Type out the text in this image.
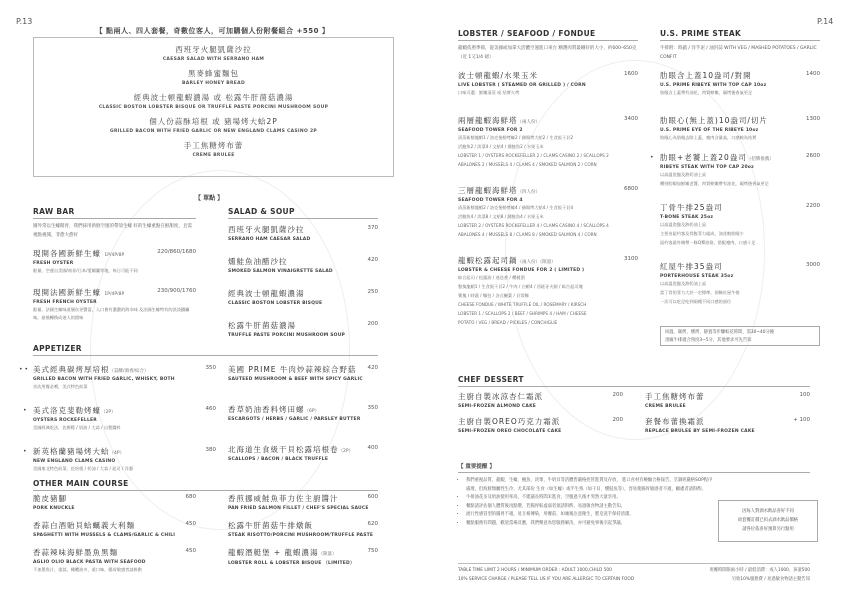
P.13
【 點兩人、四人套餐，奇數位客人，可加購個人份附餐組合 +550 】
西班牙火腿凱薩沙拉
CAESAR SALAD WITH SERRANO HAM
黑麥蜂蜜麵包
BARLEY HONEY BREAD
經典波士頓龍蝦濃湯 或 松露牛肝菌菇濃湯
CLASSIC BOSTON LOBSTER BISQUE OR TRUFFLE PASTE PORCINI MUSHROOM SOUP
個人份蒜酥培根 或 豬場烤大蛤2P
GRILLED BACON WITH FRIED GARLIC OR NEW ENGLAND CLAMS CASINO 2P
手工焦糖烤布蕾
CREME BRULEE
【 單點 】
RAW BAR
國外常以生蠔開胃，我們採用新鮮空運的帶殼生蠔 好的生蠔重點在鮮甜度，且需視點視開，非愈大愈好
現開各國新鮮生蠔 1P/4P/8P
220/860/1680
FRESH OYSTER
限量，空運自美國/南非/日本/愛爾蘭等地，每日可能不同
現開法國新鮮生蠔 1P/4P/8P
230/900/1760
FRESH FRENCH OYSTER
限量，法國生蠔味道層次更豐富，入口會有濃濃的海水味 及法國生蠔特有的淡淡鐵鏽味，最後轉換成迷人的甜味
SALAD & SOUP
西班牙火腿凱薩沙拉	370
SERRANO HAM CAESAR SALAD
燻鮭魚油醋沙拉	420
SMOKED SALMON VINAIGRETTE SALAD
經典波士頓龍蝦濃湯	250
CLASSIC BOSTON LOBSTER BISQUE
松露牛肝菌菇濃湯	200
TRUFFLE PASTE PORCINI MUSHROOM SOUP
APPETIZER
• • 美式經典碳烤厚培根（蒜酥/酒香/綜合）
350
GRILLED BACON WITH FRIED GARLIC, WHISKY, BOTH
首次用餐必嚐，美式特色前菜
• 美式洛克斐勒烤蠔（2P）
460
OYSTERS ROCKEFELLER
美國經典吃法，佐檸檬 / 奶油 / 大蒜 / 自製醬料
• 新英格蘭豬場烤大蛤（4P）
380
NEW ENGLAND CLAMS CASINO
美國東北特色前菜，佐培根 / 奶油 / 大蒜 / 起司 / 洋蔥
美國 PRIME 牛肉炒蒜辣綜合野菇	420
SAUTEED MUSHROOM & BEEF WITH SPICY GARLIC
香草奶油香料烤田螺（6P）
350
ESCARGOTS / HERBS / GARLIC / PARSLEY BUTTER
北海道生食級干貝松露培根卷（2P）
400
SCALLOPS / BACON / BLACK TRUFFLE
OTHER MAIN COURSE
脆皮豬腳	680
PORK KNUCKLE
香蒜白酒貽貝蛤蠣義大利麵	450
SPAGHETTI WITH MUSSELS & CLAMS/GARLIC & CHILI
香蒜辣味海鮮墨魚黑麵	450
AGLIO OLIO BLACK PASTA WITH SEAFOOD
不加墨魚汁，重蒜，橄欖油多，重口味，腸胃敏感者請斟酌
香煎挪威鮭魚菲力佐主廚醬汁	600
PAN FRIED SALMON FILLET / CHEF'S SPECIAL SAUCE
松露牛肝菌菇牛排燉飯	620
STEAK RISOTTO/PORCINI MUSHROOM/TRUFFLE PASTE
龍蝦潛艇堡 + 龍蝦濃湯（限量）
750
LOBSTER ROLL & LOBSTER BISQUE （LIMITED）
P.14
LOBSTER / SEAFOOD / FONDUE
龍蝦依照季節，從美國或加拿大活體空運進口來台 精選肉質最剛好的大小，約600–650克（近 1又1/4 磅）
波士頓龍蝦/水果玉米	1600
LIVE LOBSTER ( STEAMED OR GRILLED ) / CORN
口味可選：鮮嫩清蒸 或 結實火烤
兩層龍蝦海鮮塔（兩人份）
3400
SEAFOOD TOWER FOR 2
清蒸新鮮龍蝦1 / 洛克斐勒烤蠔2 / 豬場烤大蛤2 / 生食級干貝2
活鮑魚2 / 淡菜4 / 文蛤4 / 燻鮭魚2 / 水果玉米
LOBSTER 1 / OYSTERS ROCKEFELLER 2 / CLAMS CASINO 2 / SCALLOPS 2
ABALONES 2 / MUSSELS 4 / CLAMS 4 / SMOKED SALMON 2 / CORN
三層龍蝦海鮮塔（四人份）
6800
SEAFOOD TOWER FOR 4
清蒸新鮮龍蝦2 / 洛克斐勒烤蠔4 / 豬場烤大蛤4 / 生食級干貝4
活鮑魚4 / 淡菜8 / 文蛤8 / 燻鮭魚4 / 水果玉米
LOBSTER 2 / OYSTERS ROCKEFELLER 4 / CLAMS CASINO 4 / SCALLOPS 4
ABALONES 4 / MUSSELS 8 / CLAMS 8 / SMOKED SALMON 4 / CORN
龍蝦松露起司鍋（兩人份）（限量）
3100
LOBSTER & CHEESE FONDUE FOR 2 ( LIMITED )
綜合起司 / 松露油 / 迷迭香 / 櫻桃酒
整隻龍蝦1 / 生食級干貝2 / 牛肉 / 白蝦4 / 西班牙火腿 / 綜合起司塊
薯塊 / 時蔬 / 麵包 / 各式醃菜 / 貝殼麵
CHEESE FONDUE / WHITE TRUFFLE OIL / ROSEMARY / KIRSCH
LOBSTER 1 / SCALLOPS 2 / BEEF / SHRIMPS 4 / HAM / CHEESE
POTATO / VEG / BREAD / PICKLES / CONCHIGLIE
U.S. PRIME STEAK
牛排附：時蔬 / 洋芋泥 / 油封蒜 WITH VEG / MASHED POTATOES / GARLIC CONFIT
肋眼含上蓋10盎司/對開	1400
U.S. PRIME RIBEYE WITH TOP CAP 10oz
肋眼含上蓋帶有油花，肉質軟嫩，碳烤後香氣更足
肋眼心(無上蓋)10盎司/切片	1300
U.S. PRIME EYE OF THE RIBEYE 10oz
肋眼心為肋眼去除上蓋，瘦肉含量高，口感較為結實
• 肋眼+老饕上蓋20盎司（招牌推薦）
2600
RIBEYE STEAK WITH TOP CAP 20oz
以高溫瓷盤及熱奶油上桌
嚼勁肋眼加鮮嫩老饕，肉質軟嫩帶有油花，碳烤後香氣更足
丁骨牛排25盎司	2200
T-BONE STEAK 25oz
以高溫瓷盤及熱奶油上桌
主要由紐約客及骨腹菲力組成，油花較肋眼少
紐約客最外側帶一條Q彈油筋，搭配瘦肉，口感十足
紅屋牛排35盎司	3000
PORTERHOUSE STEAK 35oz
以高溫瓷盤及熱奶油上桌
當丁骨的菲力大於一定標準，即稱紅屋牛排
一次可以吃足吃到兩種不同口感的部位
回溫、碳烤、燻烤、靜置等步驟較花時間，需30~40分鐘
頂級牛排適合熟度3~5分，其他要求可先告知
CHEF DESSERT
主廚自製冰涼杏仁霜派	200
SEMI-FROZEN ALMOND CAKE
手工焦糖烤布蕾	100
CREME BRULEE
主廚自製OREO巧克力霜派	200
SEMI-FROZEN OREO CHOCOLATE CAKE
套餐布蕾換霜派	+ 100
REPLACE BRULEE BY SEMI-FROZEN CAKE
【 重要提醒 】
• 我們重視品質，龍蝦、生蠔、鮑魚、淡菜、牛奶貝等活體皆嚴格控管進貨及存放， 進口食材有檢驗合格報告，烹調經嚴格SOP程序處理，但海鮮類屬性生冷，尤其部份 生食（如生蠔）或半生熟（如干貝、燻鮭魚等），容易使腸胃敏感者不適，顧慮者請斟酌。
• 牛排油花多及奶油使用率高，不建議長時間未進食，空腹過久後才突然大量享用。
• 餐點請評估個人體質後再點選，若腸胃較虛弱者煩請斟酌，易過敏食物請主動告知。
• 流行性感冒型的腸胃不適，易互相傳染，用餐前，如廁後注意衛生，肥皂洗手保持清潔。
• 餐點服務有問題，歡迎當場反應，我們樂意為您服務解決，亦可避免事後引起爭議。
因每人對酒水飲品喜好不同
故套餐訂價已扣去酒水飲品價格
請各位依喜好預算另行點用
TABLE TIME LIMIT 2 HOURS / MINIMUM ORDER : ADULT 1000,CHILD 500	用餐時間限兩小時 / 最低消費：成人1000、孩童500
10% SERVICE CHARGE / PLEASE TELL US IF YOU ARE ALLERGIC TO CERTAIN FOOD	另收10%服務費 / 易過敏食物請主動告知
